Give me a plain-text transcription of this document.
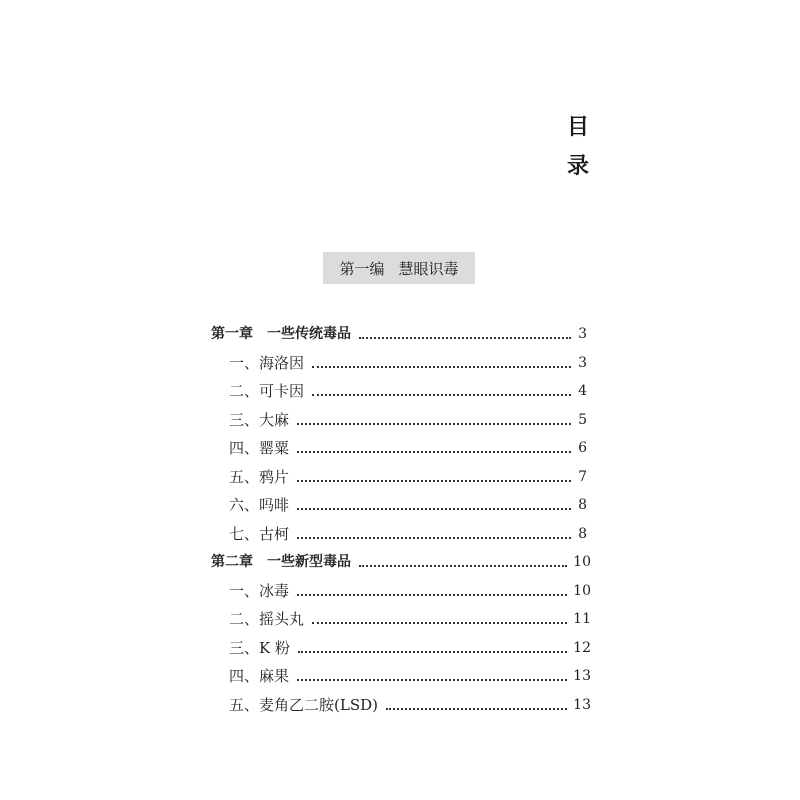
目
录
第一编 慧眼识毒
第一章　一些传统毒品	3
一、海洛因	3
二、可卡因	4
三、大麻	5
四、罂粟	6
五、鸦片	7
六、吗啡	8
七、古柯	8
第二章　一些新型毒品	10
一、冰毒	10
二、摇头丸	11
三、K 粉	12
四、麻果	13
五、麦角乙二胺(LSD)	13
